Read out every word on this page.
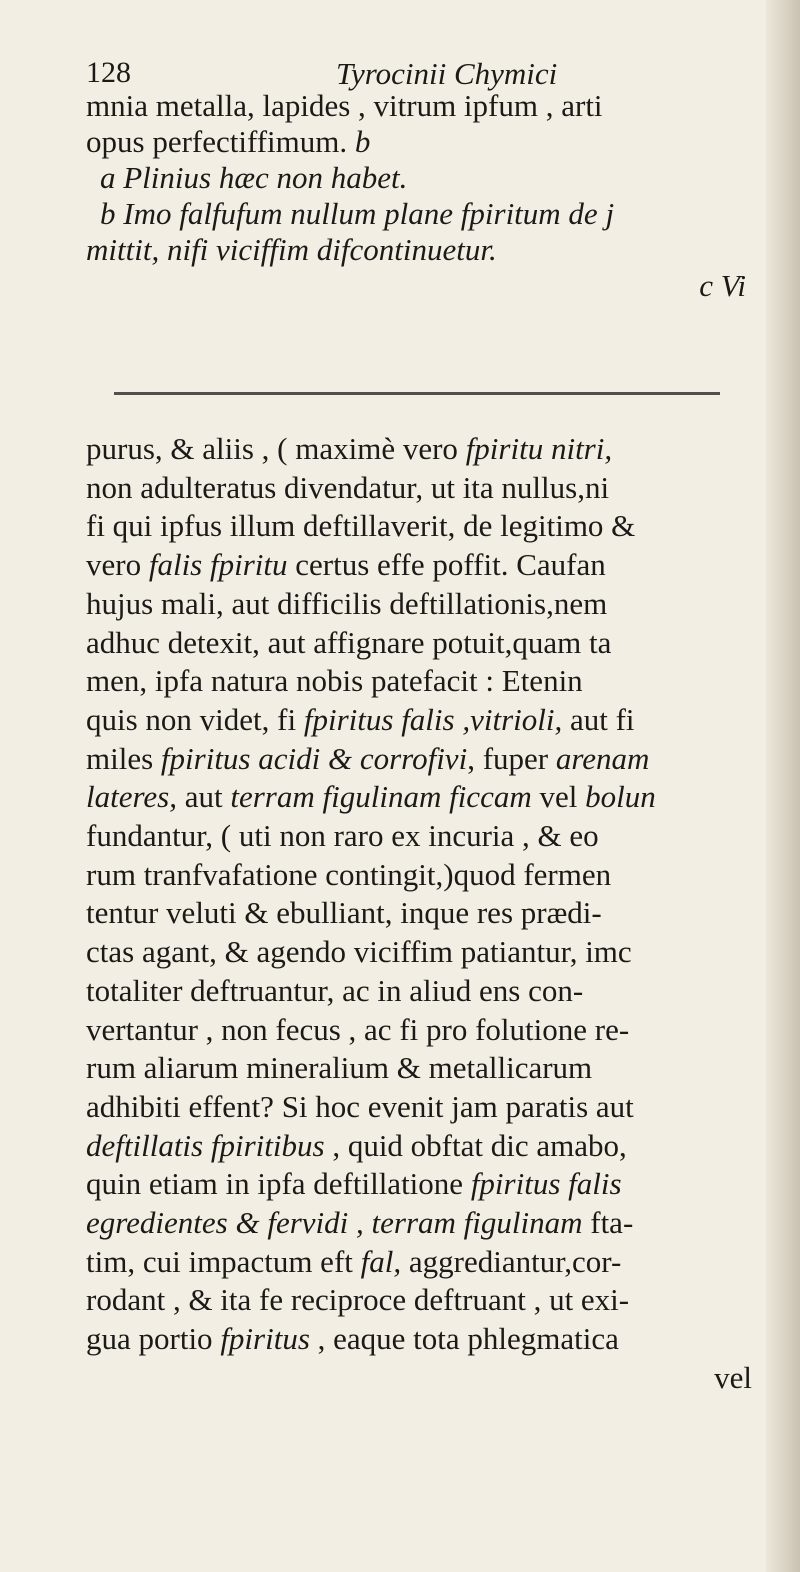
128	Tyrocinii Chymici
mnia metalla, lapides , vitrum ipfum , arti
opus perfectiffimum. b
a Plinius hæc non habet.
b Imo falfufum nullum plane fpiritum de j
mittit, nifi viciffim difcontinuetur.
c Vi
purus, & aliis , ( maximè vero fpiritu nitri,
non adulteratus divendatur, ut ita nullus,ni
fi qui ipfus illum deftillaverit, de legitimo &
vero falis fpiritu certus effe poffit. Caufan
hujus mali, aut difficilis deftillationis,nem
adhuc detexit, aut affignare potuit,quam ta
men, ipfa natura nobis patefacit : Etenin
quis non videt, fi fpiritus falis ,vitrioli, aut fi
miles fpiritus acidi & corrofivi, fuper arenam
lateres, aut terram figulinam ficcam vel bolun
fundantur, ( uti non raro ex incuria , & eo
rum tranfvafatione contingit,)quod fermen
tentur veluti & ebulliant, inque res prædi-
ctas agant, & agendo viciffim patiantur, imc
totaliter deftruantur, ac in aliud ens con-
vertantur , non fecus , ac fi pro folutione re-
rum aliarum mineralium & metallicarum
adhibiti effent? Si hoc evenit jam paratis aut
deftillatis fpiritibus , quid obftat dic amabo,
quin etiam in ipfa deftillatione fpiritus falis
egredientes & fervidi , terram figulinam fta-
tim, cui impactum eft fal, aggrediantur,cor-
rodant , & ita fe reciproce deftruant , ut exi-
gua portio fpiritus , eaque tota phlegmatica
vel
